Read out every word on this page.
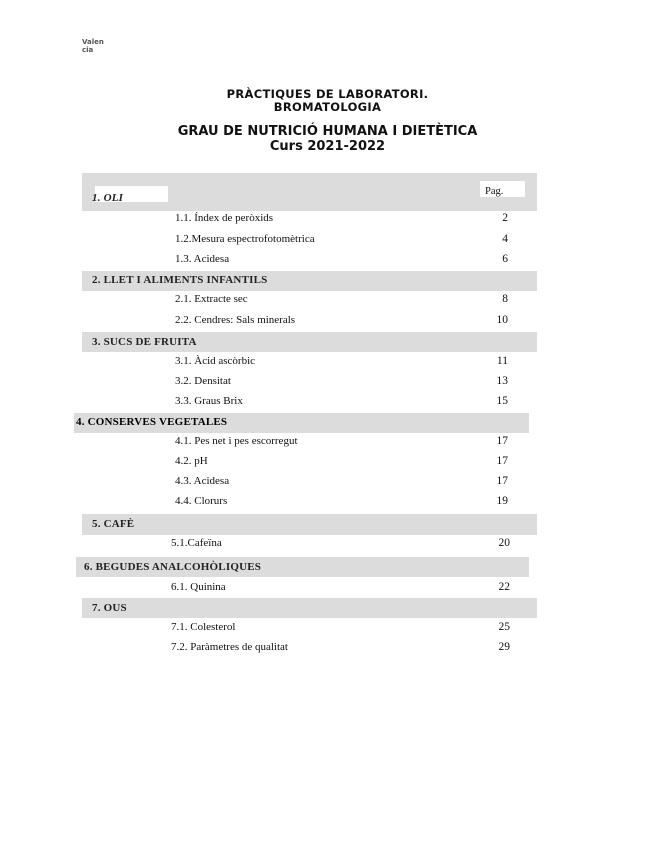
Valen
cia
PRÀCTIQUES DE LABORATORI.
BROMATOLOGIA
GRAU DE NUTRICIÓ HUMANA I DIETÈTICA
Curs 2021-2022
1. OLI
Pag.
1.1. Índex de peròxids	2
1.2.Mesura espectrofotomètrica	4
1.3. Acidesa	6
2. LLET I ALIMENTS INFANTILS
2.1. Extracte sec	8
2.2. Cendres: Sals minerals	10
3. SUCS DE FRUITA
3.1. Àcid ascòrbic	11
3.2. Densitat	13
3.3. Graus Brix	15
4. CONSERVES VEGETALES
4.1. Pes net i pes escorregut	17
4.2. pH	17
4.3. Acidesa	17
4.4. Clorurs	19
5. CAFÈ
5.1.Cafeïna	20
6. BEGUDES ANALCOHÒLIQUES
6.1. Quinina	22
7. OUS
7.1. Colesterol	25
7.2. Paràmetres de qualitat	29
